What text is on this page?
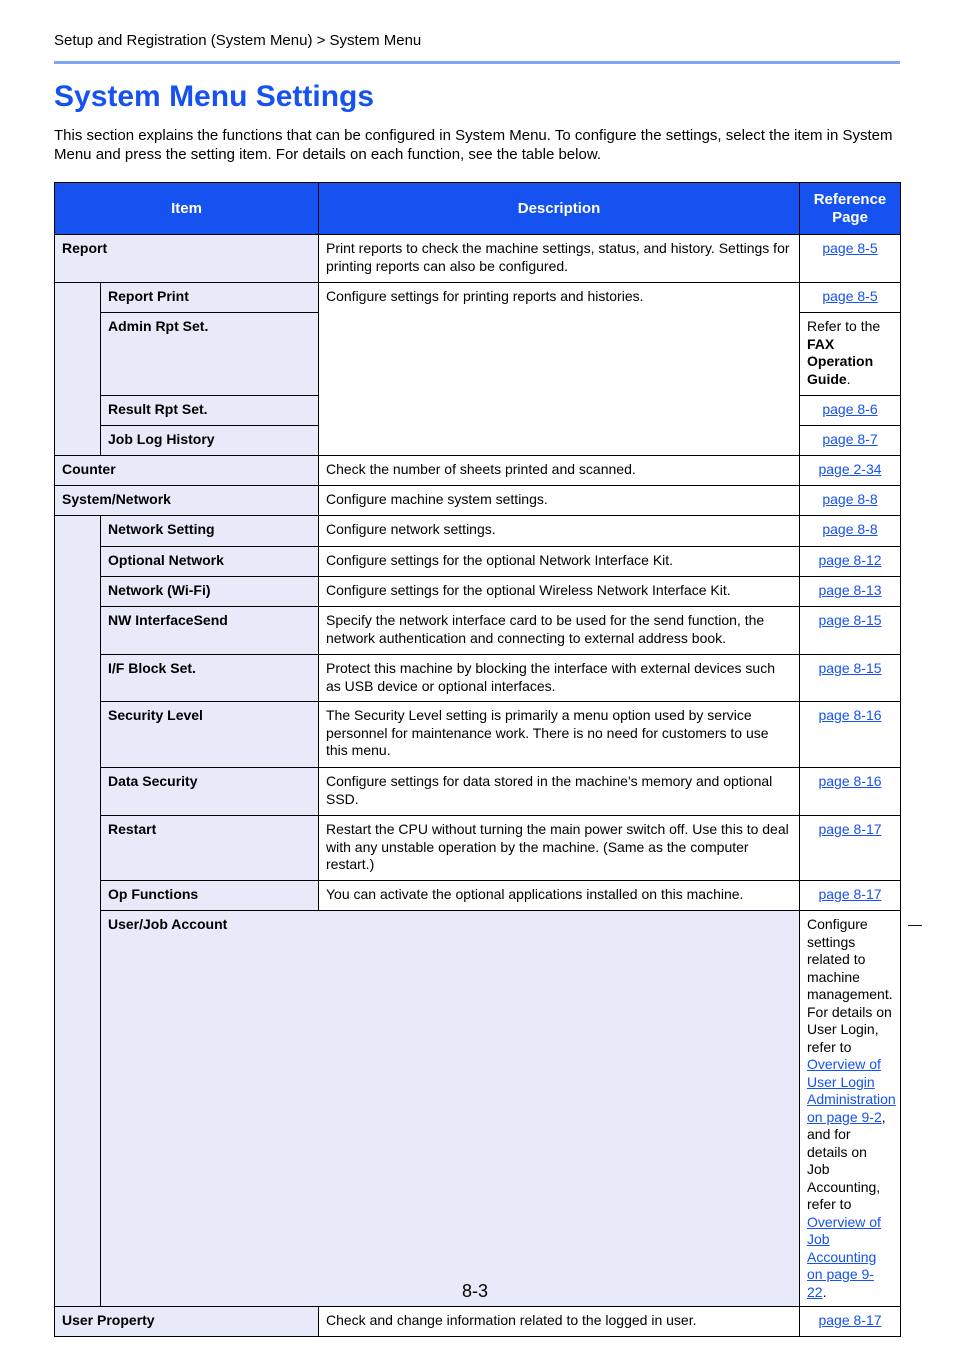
Setup and Registration (System Menu) > System Menu
System Menu Settings

This section explains the functions that can be configured in System Menu. To configure the settings, select the item in System Menu and press the setting item. For details on each function, see the table below.

Item		Description	Reference Page	
Report		Print reports to check the machine settings, status, and history. Settings for printing reports can also be configured.	page 8-5	
	Report Print	Configure settings for printing reports and histories.	page 8-5	
	Admin Rpt Set.		Refer to the FAX Operation Guide.	
	Result Rpt Set.		page 8-6	
	Job Log History		page 8-7	
Counter		Check the number of sheets printed and scanned.	page 2-34	
System/Network		Configure machine system settings.	page 8-8	
	Network Setting	Configure network settings.	page 8-8	
	Optional Network	Configure settings for the optional Network Interface Kit.	page 8-12	
	Network (Wi-Fi)	Configure settings for the optional Wireless Network Interface Kit.	page 8-13	
	NW InterfaceSend	Specify the network interface card to be used for the send function, the network authentication and connecting to external address book.	page 8-15	
	I/F Block Set.	Protect this machine by blocking the interface with external devices such as USB device or optional interfaces.	page 8-15	
	Security Level	The Security Level setting is primarily a menu option used by service personnel for maintenance work. There is no need for customers to use this menu.	page 8-16	
	Data Security	Configure settings for data stored in the machine's memory and optional SSD.	page 8-16	
	Restart	Restart the CPU without turning the main power switch off. Use this to deal with any unstable operation by the machine. (Same as the computer restart.)	page 8-17	
	Op Functions	You can activate the optional applications installed on this machine.	page 8-17	
	User/Job Account		Configure settings related to machine management. For details on User Login, refer to Overview of User Login Administration on page 9-2, and for details on Job Accounting, refer to Overview of Job Accounting on page 9-22.	—
User Property		Check and change information related to the logged in user.	page 8-17	
8-3
